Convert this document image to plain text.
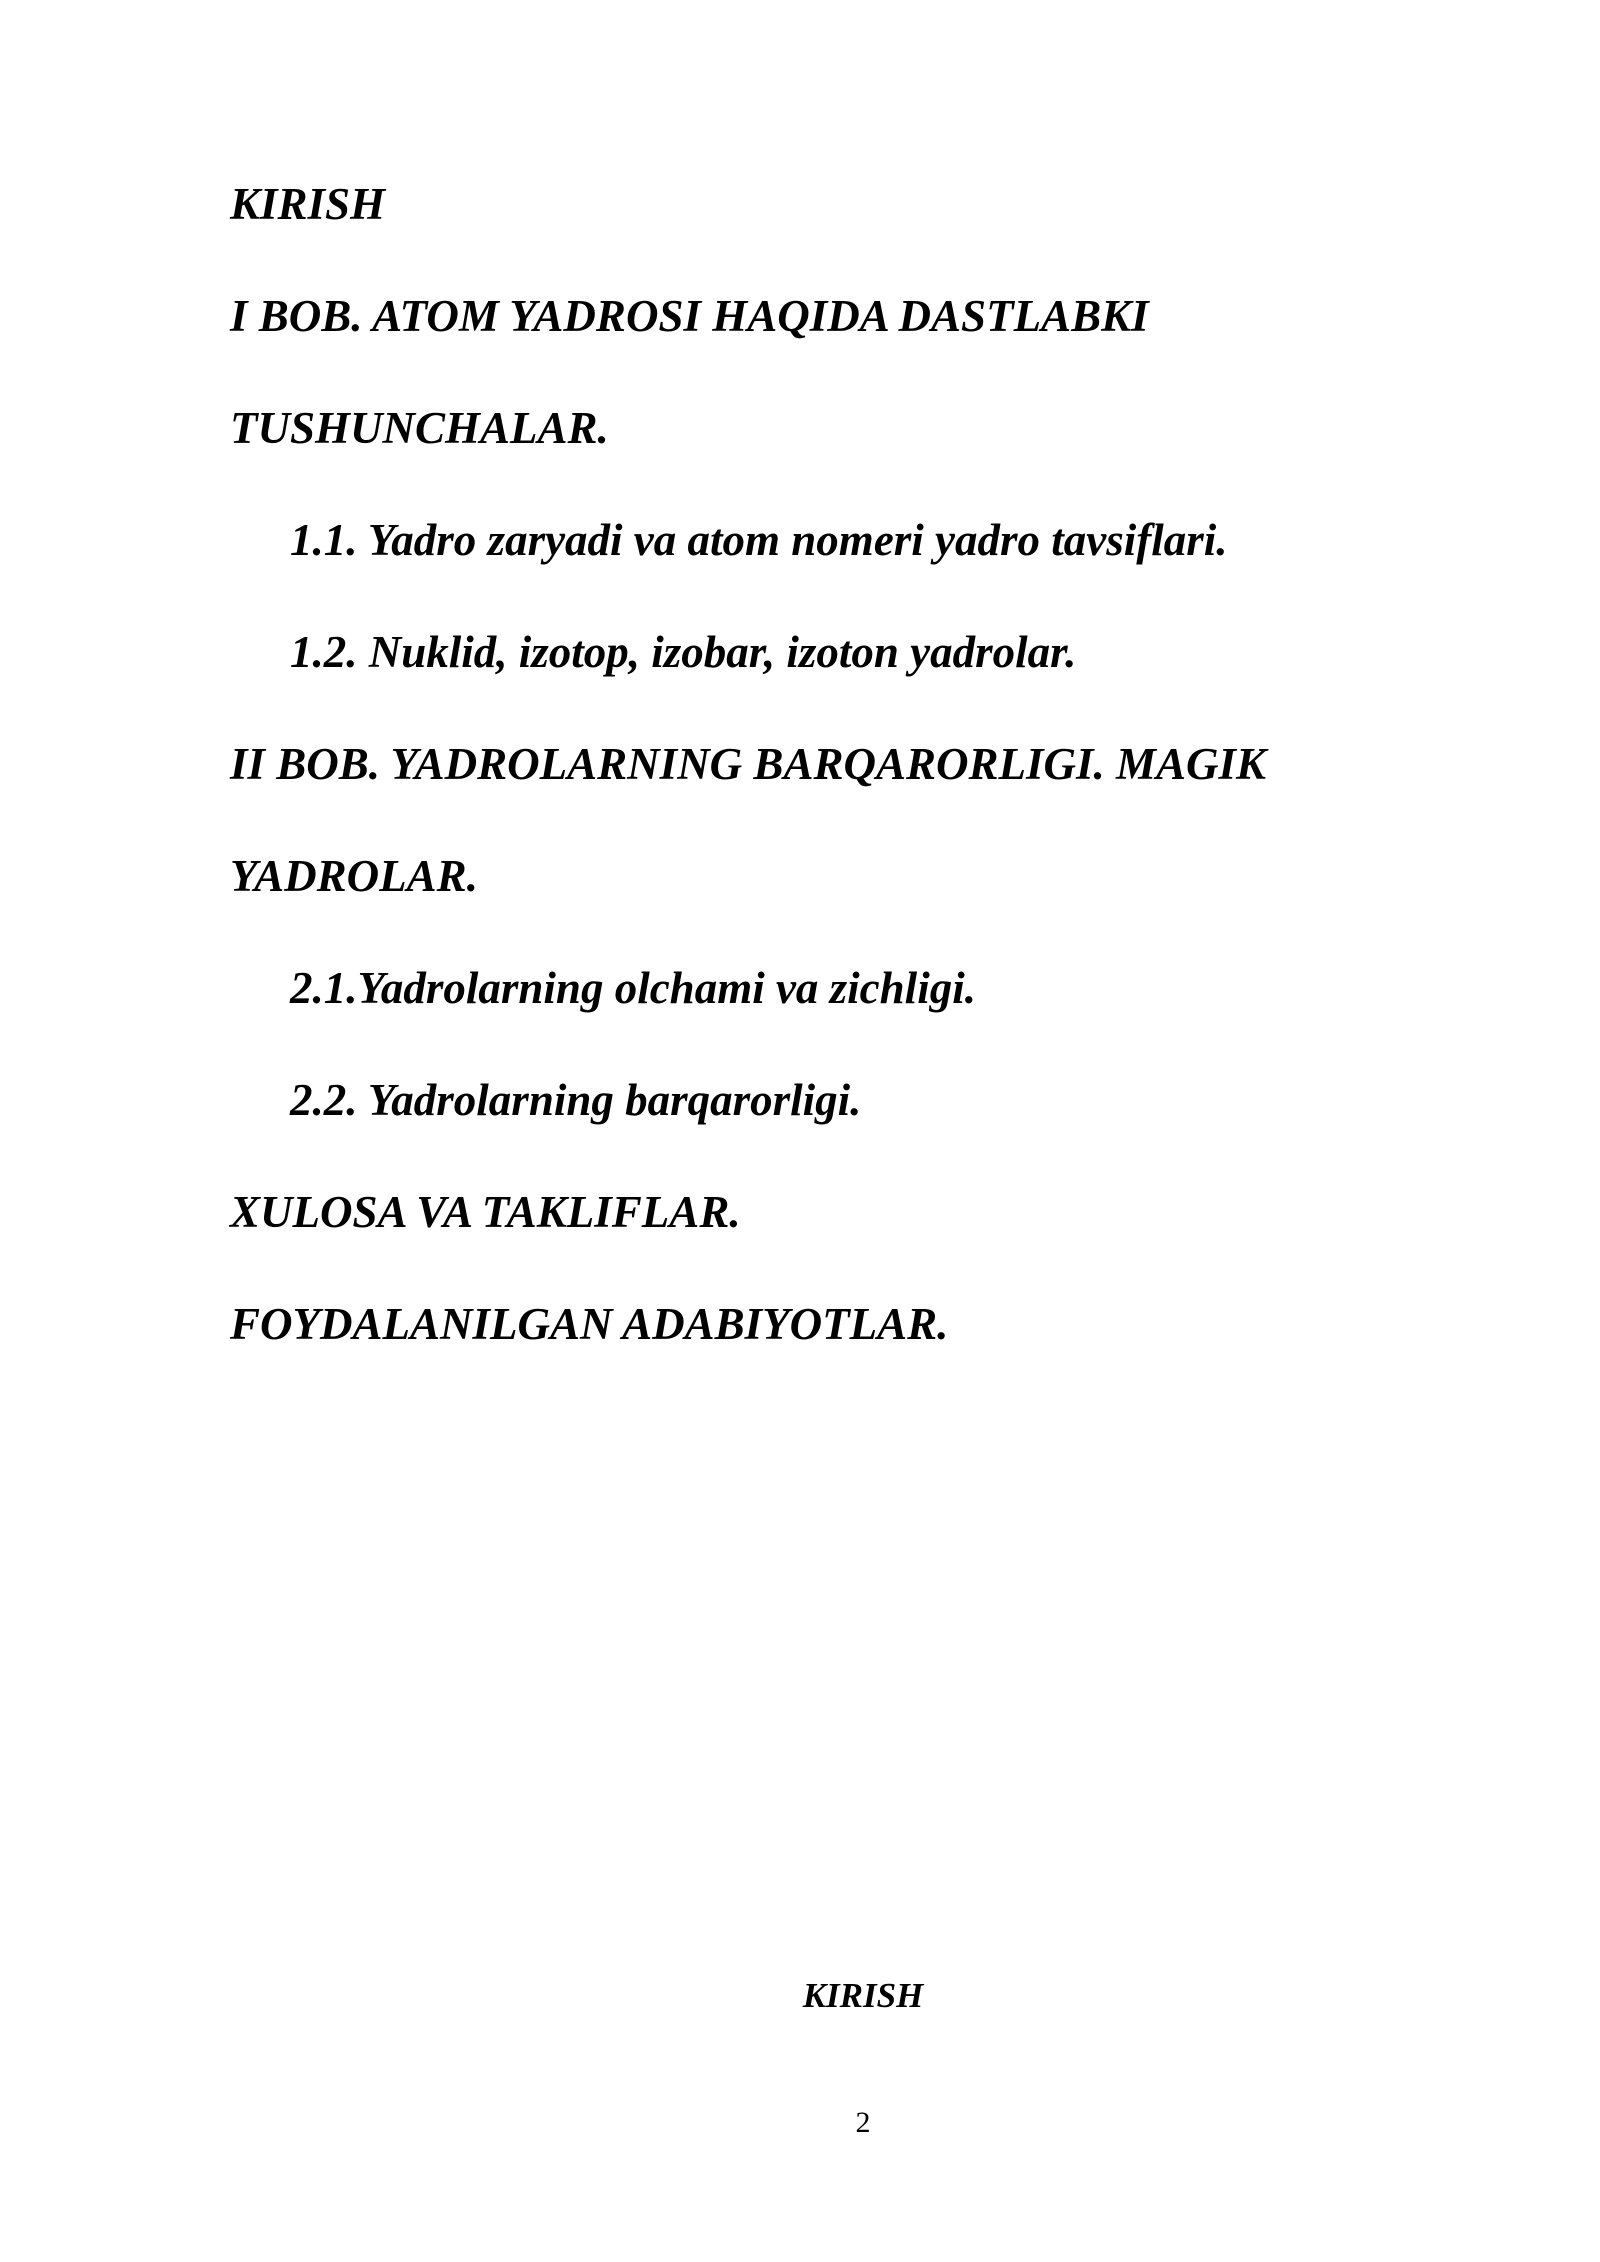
KIRISH
I BOB. ATOM YADROSI HAQIDA DASTLABKI
TUSHUNCHALAR.
1.1. Yadro zaryadi va atom nomeri yadro tavsiflari.
1.2. Nuklid, izotop, izobar, izoton yadrolar.
II BOB. YADROLARNING BARQARORLIGI. MAGIK
YADROLAR.
2.1.Yadrolarning olchami va zichligi.
2.2. Yadrolarning barqarorligi.
XULOSA VA TAKLIFLAR.
FOYDALANILGAN ADABIYOTLAR.
KIRISH
2
